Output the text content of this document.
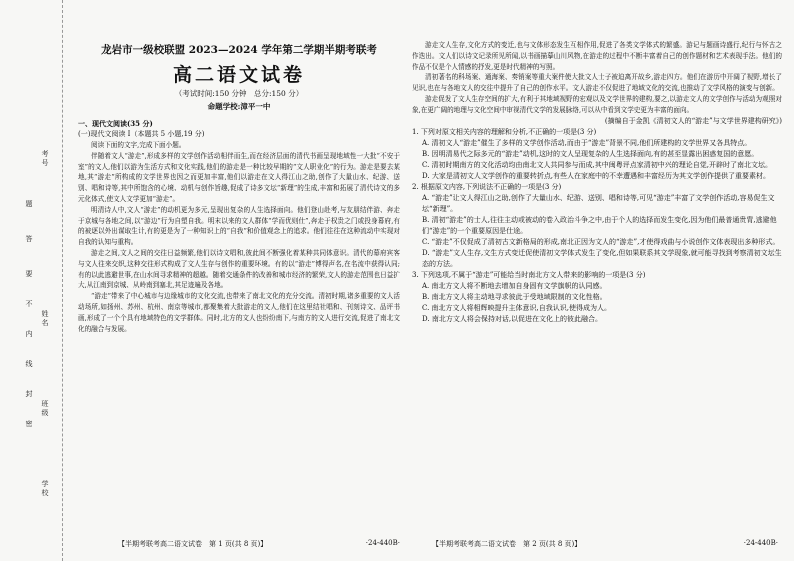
考号
姓名
班级
学校
题
答
要
不
内
线
封
密

龙岩市一级校联盟 2023—2024 学年第二学期半期考联考

高二语文试卷
（考试时间:150 分钟　总分:150 分）
命题学校:漳平一中

一、现代文阅读(35 分)

(一)现代文阅读 I（本题共 5 小题,19 分)

阅读下面的文字,完成下面小题。

伴随着文人“游走”,形成多样的文学创作活动相伴而生,而在经济层面的清代书画呈现地域性一大批“不安于室”的文人,他们以游为生活方式和文化实践,他们的游走是一种比较早期的“文人职业化”的行为。游走是要去某地,其“游走”所构成的文学世界也因之而更加丰富,他们以游走在文人得江山之助,创作了大量山水、纪游、送别、唱和诗等,其中所饱含的心境、动机与创作旨趣,促成了诗多文坛“新理”的生成,丰富和拓展了清代诗文的多元化体式,使文人文学更加“游走”。

明清诗人中,文人“游走”的动机更为多元,呈现出复杂的人生选择面向。他们登山赴考,与友朋结伴游、奔走于京城与各地之间,以“游边”行为自塑自我。明末以来的文人群体“学而优则仕”,奔走于权贵之门或投身幕府,有的被逐以外出谋取生计,有的更是为了一种知识上的“自我”和价值观念上的追求。他们往往在这种流动中实现对自我的认知与重构。

游走之间,文人之间的交往日益频繁,他们以诗文唱和,彼此间不断强化着某种共同体意识。清代的幕府宾客与文人往来交织,这种交往形式构成了文人生存与创作的重要环境。有的以“游走”博得声名,在名流中获得认同;有的以此逃避世事,在山水间寻求精神的超越。随着交通条件的改善和城市经济的繁荣,文人的游走范围也日益扩大,从江南到京城、从岭南到塞北,其足迹遍及各地。

“游走”带来了中心城市与边缘城市的文化交流,也带来了南北文化的充分交流。清初时期,诸多重要的文人活动场所,如扬州、苏州、杭州、南京等城市,都聚集着大批游走的文人,他们在这里结社唱和、刊刻诗文、品评书画,形成了一个个具有地域特色的文学群体。同时,北方的文人也纷纷南下,与南方的文人进行交流,促进了南北文化的融合与发展。

【半期考联考高二语文试卷　第 1 页(共 8 页)】	·24-440B·

游走文人生存,文化方式的变迁,也与文体形态发生互相作用,促进了各类文学体式的繁盛。游记与题画诗盛行,纪行与怀古之作迭出。文人们以诗文记录所见所闻,以书画描摹山川风物,在游走的过程中不断丰富着自己的创作题材和艺术表现手法。他们的作品不仅是个人情感的抒发,更是时代精神的写照。

清初著名的科场案、通海案、奏销案等重大案件使大批文人士子被迫离开故乡,游走四方。他们在游历中开阔了视野,增长了见识,也在与各地文人的交往中提升了自己的创作水平。文人游走不仅促进了地域文化的交流,也推动了文学风格的演变与创新。

游走促发了文人生存空间的扩大,有利于其地域视野的宏观以及文学世界的建构,要之,以游走文人的文学创作与活动为观照对象,在更广阔的地理与文化空间中审视清代文学的发展脉络,可以从中看到文学史更为丰富的面向。

(摘编自于金凯《清初文人的“游走”与文学世界建构研究》)

1. 下列对原文相关内容的理解和分析,不正确的一项是(3 分)

A. 清初文人“游走”催生了多样的文学创作活动,而由于“游走”背景不同,他们所建构的文学世界又各具特点。

B. 因明清易代之际多元的“游走”动机,这时的文人呈现复杂的人生选择面向,有的甚至显露出困惑复国的意愿。

C. 清初时期南方的文化活动均由南北文人共同参与而成,其中闽粤评点家清初中兴的理论自觉,开辟时了南北文坛。

D. 大家是清初文人文学创作的重要转折点,有些人在家庭中的不幸遭遇和丰富经历为其文学创作提供了重要素材。

2. 根据原文内容,下列说法不正确的一项是(3 分)

A. “游走”让文人得江山之助,创作了大量山水、纪游、送别、唱和诗等,可见“游走”丰富了文学创作活动,容易促生文坛“新理”。

B. 清初“游走”的士人,往往主动或被动的卷入政治斗争之中,由于个人的选择而发生变化,因为他们最普通贵胄,逃避他们“游走”的一个重要原因是仕途。

C. “游走”不仅促成了清初古文新格局的形成,南北正因为文人的“游走”,才使得戏曲与小说创作文体表现出多种形式。

D. “游走”文人生存,文生方式变迁促使清初文学体式发生了变化,但如果联系其文学现象,就可能寻找到考察清初文坛生态的方法。

3. 下列选项,不属于“游走”可能给当时南北方文人带来的影响的一项是(3 分)

A. 南北方文人将不断地去增加自身固有文学旗帜的认同感。

B. 南北方文人将主动地寻求彼此于受地域限制的文化性格。

C. 南北方文人将相辉映提升主体意识,自我认识,使得成为人。

D. 南北方文人将会保持对话,以促进在文化上的彼此融合。

【半期考联考高二语文试卷　第 2 页(共 8 页)】	·24-440B·
